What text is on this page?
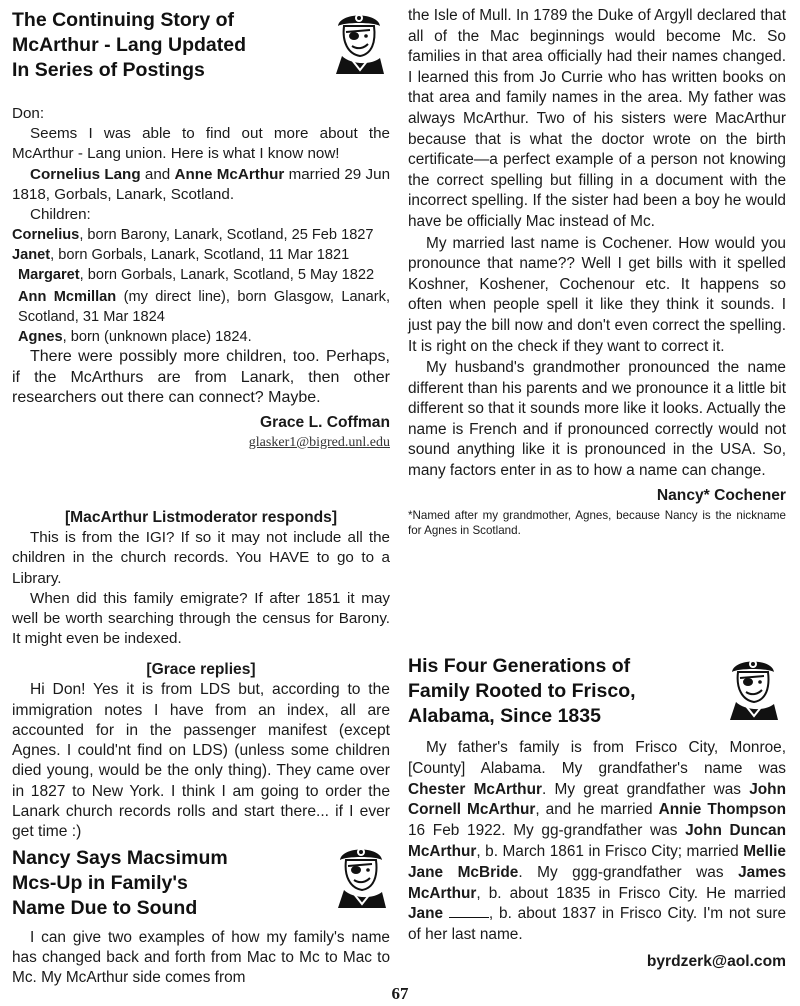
The Continuing Story of
McArthur - Lang Updated
In Series of Postings

Don:

Seems I was able to find out more about the McArthur - Lang union. Here is what I know now!

Cornelius Lang and Anne McArthur married 29 Jun 1818, Gorbals, Lanark, Scotland.

Children:

Cornelius, born Barony, Lanark, Scotland, 25 Feb 1827

Janet, born Gorbals, Lanark, Scotland, 11 Mar 1821

Margaret, born Gorbals, Lanark, Scotland, 5 May 1822

Ann Mcmillan (my direct line), born Glasgow, Lanark, Scotland, 31 Mar 1824

Agnes, born (unknown place) 1824.

There were possibly more children, too. Perhaps, if the McArthurs are from Lanark, then other researchers out there can connect? Maybe.

Grace L. Coffman

glasker1@bigred.unl.edu

[MacArthur Listmoderator responds]

This is from the IGI? If so it may not include all the children in the church records. You HAVE to go to a Library.

When did this family emigrate? If after 1851 it may well be worth searching through the census for Barony. It might even be indexed.

[Grace replies]

Hi Don! Yes it is from LDS but, according to the immigration notes I have from an index, all are accounted for in the passenger manifest (except Agnes. I could'nt find on LDS) (unless some children died young, would be the only thing). They came over in 1827 to New York. I think I am going to order the Lanark church records rolls and start there... if I ever get time :)

Nancy Says Macsimum
Mcs-Up in Family's
Name Due to Sound

I can give two examples of how my family's name has changed back and forth from Mac to Mc to Mac to Mc. My McArthur side comes from

the Isle of Mull. In 1789 the Duke of Argyll declared that all of the Mac beginnings would become Mc. So families in that area officially had their names changed. I learned this from Jo Currie who has written books on that area and family names in the area. My father was always McArthur. Two of his sisters were MacArthur because that is what the doctor wrote on the birth certificate—a perfect example of a person not knowing the correct spelling but filling in a document with the incorrect spelling. If the sister had been a boy he would have be officially Mac instead of Mc.

My married last name is Cochener. How would you pronounce that name?? Well I get bills with it spelled Koshner, Koshener, Cochenour etc. It happens so often when people spell it like they think it sounds. I just pay the bill now and don't even correct the spelling. It is right on the check if they want to correct it.

My husband's grandmother pronounced the name different than his parents and we pronounce it a little bit different so that it sounds more like it looks. Actually the name is French and if pronounced correctly would not sound anything like it is pronounced in the USA. So, many factors enter in as to how a name can change.

Nancy* Cochener

*Named after my grandmother, Agnes, because Nancy is the nickname for Agnes in Scotland.

His Four Generations of
Family Rooted to Frisco,
Alabama, Since 1835

My father's family is from Frisco City, Monroe, [County] Alabama. My grandfather's name was Chester McArthur. My great grandfather was John Cornell McArthur, and he married Annie Thompson 16 Feb 1922. My gg-grandfather was John Duncan McArthur, b. March 1861 in Frisco City; married Mellie Jane McBride. My ggg-grandfather was James McArthur, b. about 1835 in Frisco City. He married Jane	, b. about 1837 in Frisco City. I'm not sure of her last name.

byrdzerk@aol.com

67
